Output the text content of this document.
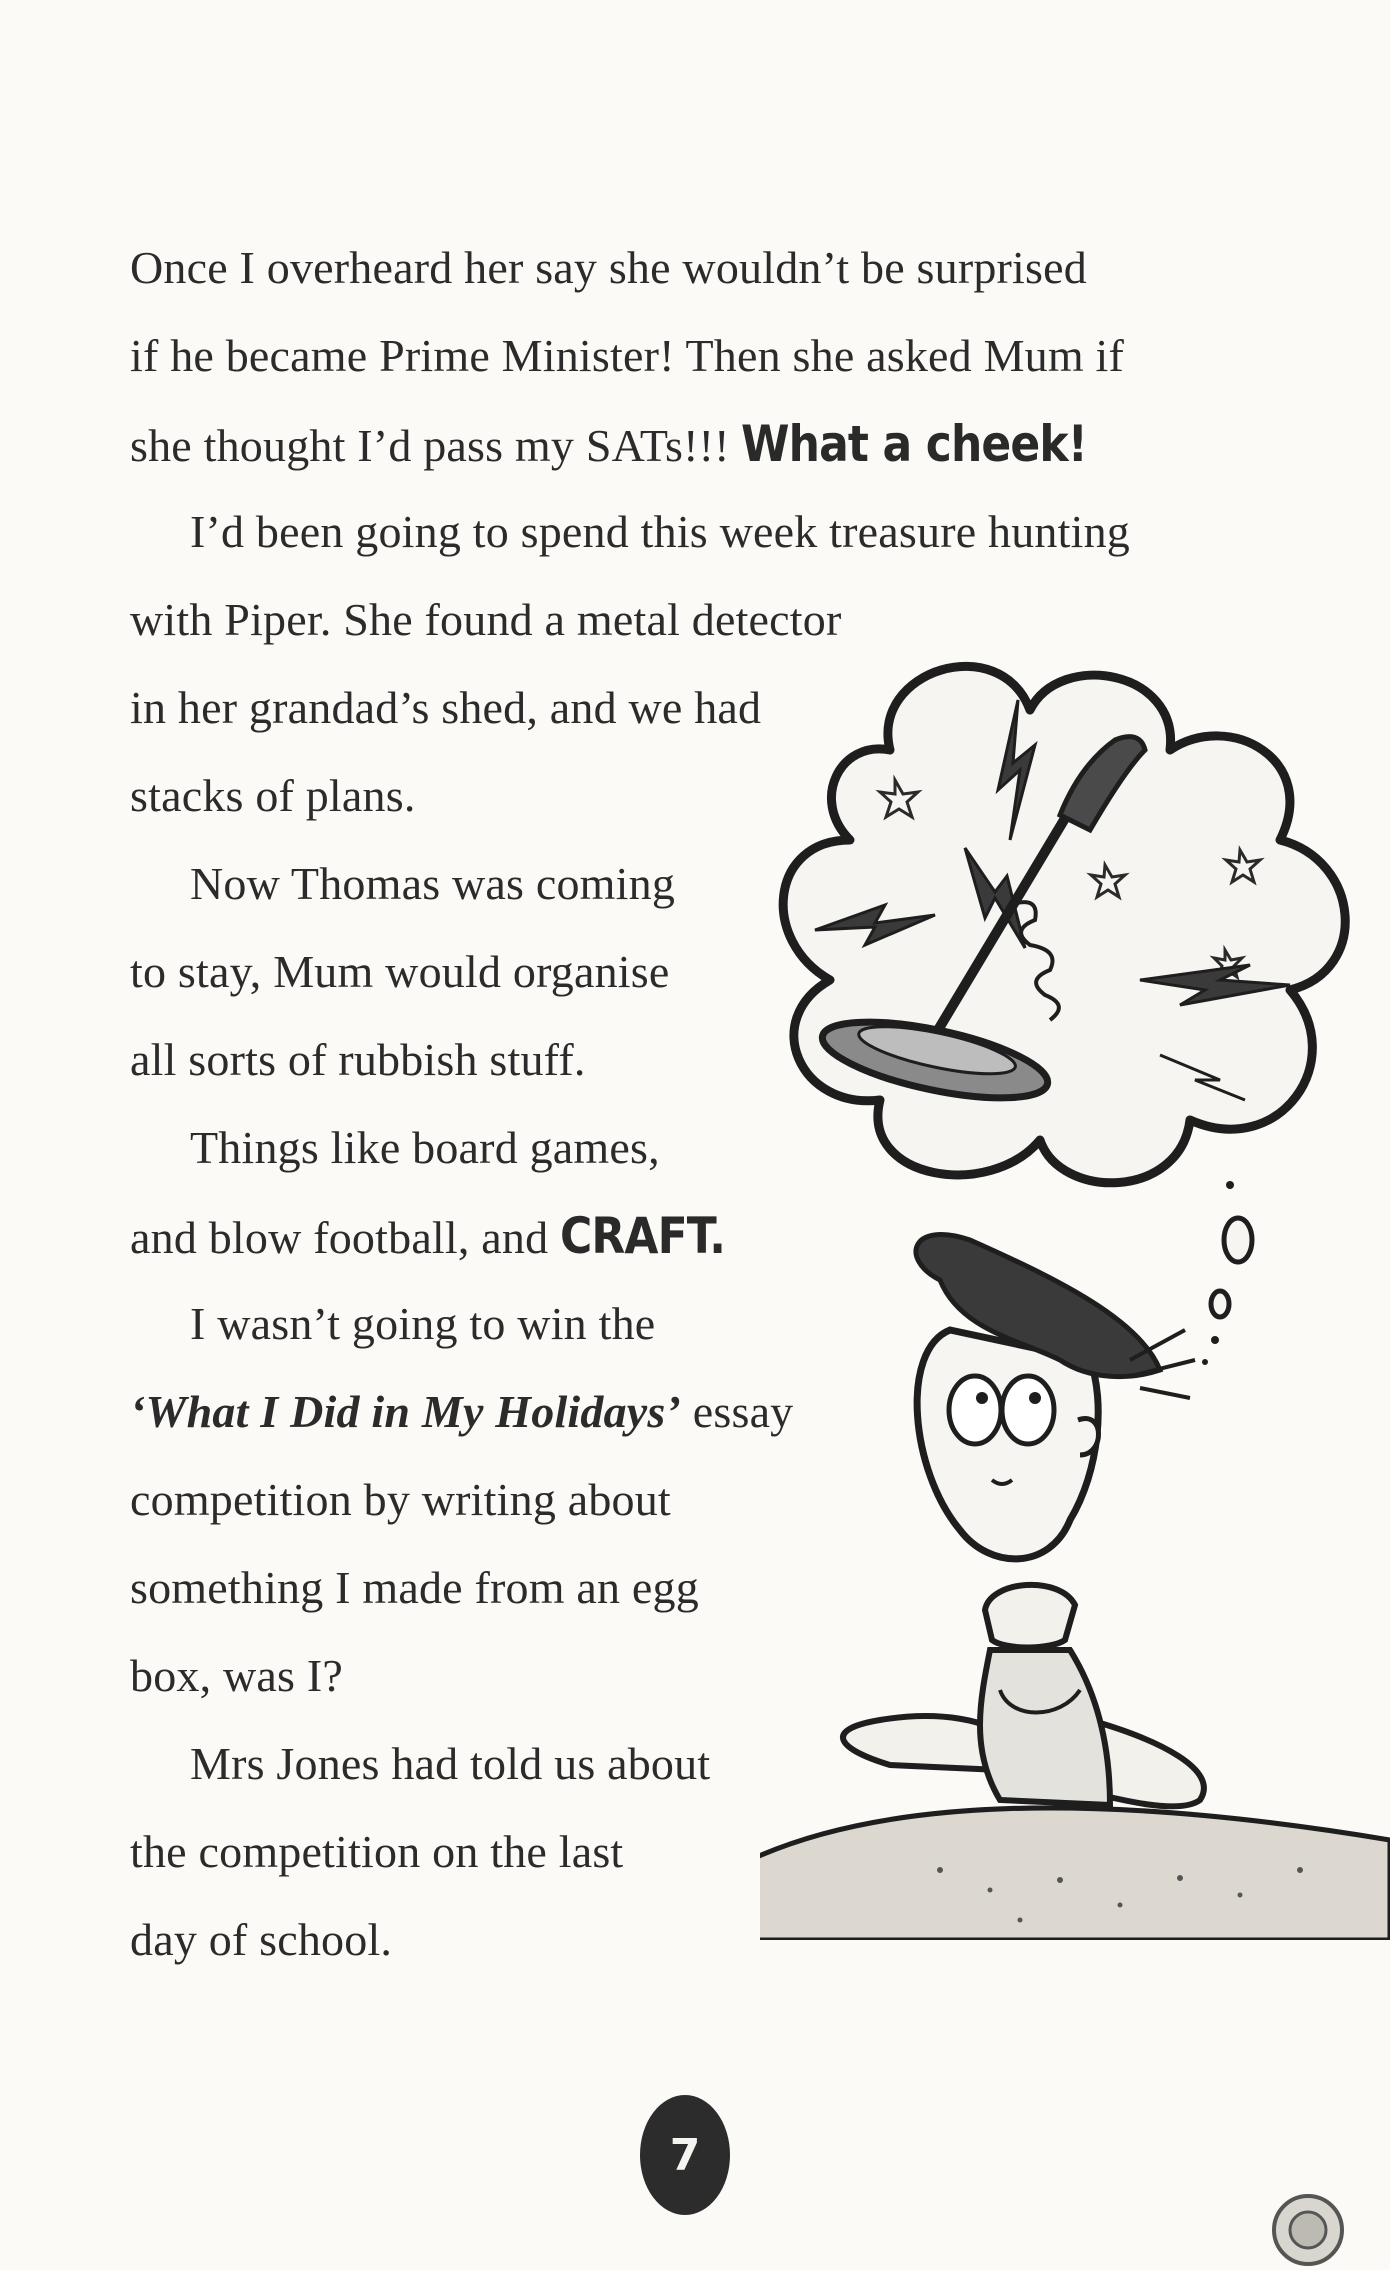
Once I overheard her say she wouldn’t be surprised

if he became Prime Minister! Then she asked Mum if

she thought I’d pass my SATs!!! What a cheek!

I’d been going to spend this week treasure hunting

with Piper. She found a metal detector

in her grandad’s shed, and we had

stacks of plans.

Now Thomas was coming

to stay, Mum would organise

all sorts of rubbish stuff.

Things like board games,

and blow football, and CRAFT.

I wasn’t going to win the

‘What I Did in My Holidays’ essay

competition by writing about

something I made from an egg

box, was I?

Mrs Jones had told us about

the competition on the last

day of school.

7
